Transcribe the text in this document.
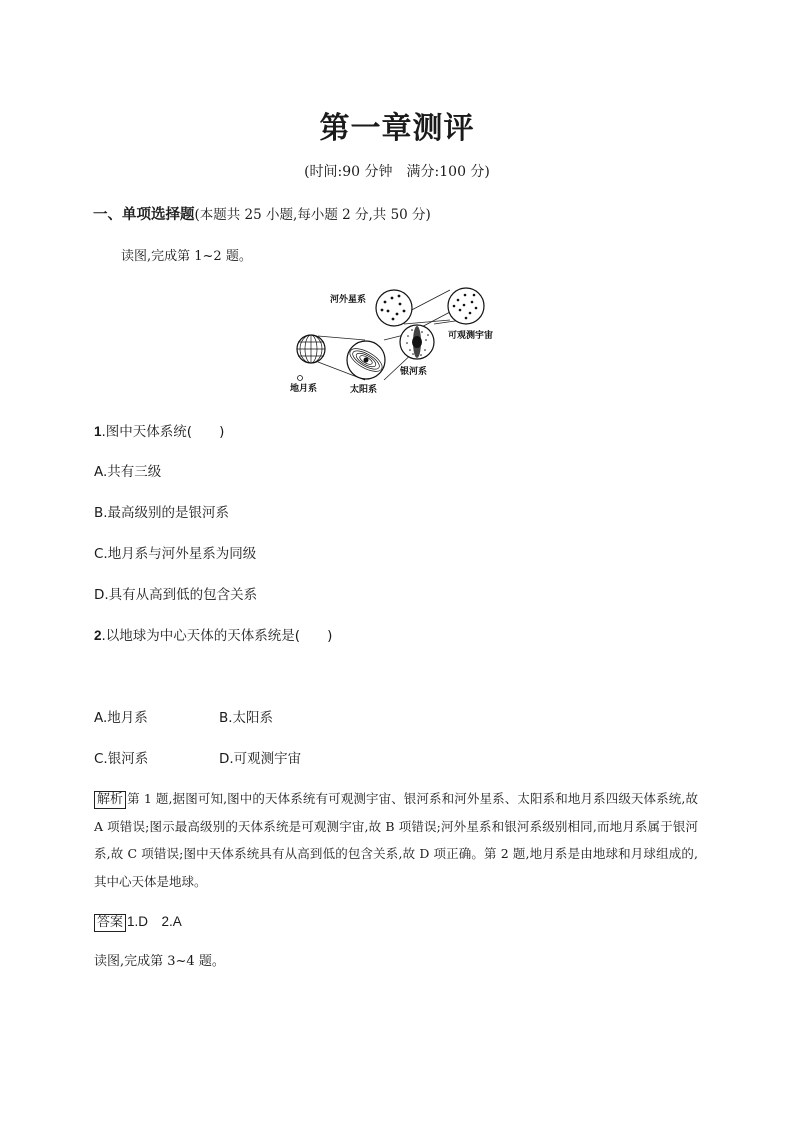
第一章测评
(时间:90 分钟　满分:100 分)
一、单项选择题(本题共 25 小题,每小题 2 分,共 50 分)
读图,完成第 1~2 题。
河外星系
可观测宇宙
地月系	太阳系
银河系
1.图中天体系统(　　)
A.共有三级
B.最高级别的是银河系
C.地月系与河外星系为同级
D.具有从高到低的包含关系
2.以地球为中心天体的天体系统是(　　)
A.地月系	B.太阳系
C.银河系	D.可观测宇宙
解析 第 1 题,据图可知,图中的天体系统有可观测宇宙、银河系和河外星系、太阳系和地月系四级天体系统,故 A 项错误;图示最高级别的天体系统是可观测宇宙,故 B 项错误;河外星系和银河系级别相同,而地月系属于银河系,故 C 项错误;图中天体系统具有从高到低的包含关系,故 D 项正确。第 2 题,地月系是由地球和月球组成的,其中心天体是地球。
答案 1.D　2.A
读图,完成第 3~4 题。
